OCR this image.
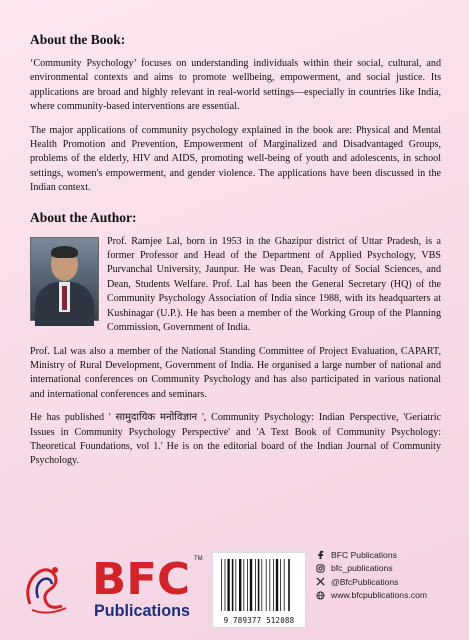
About the Book:

‘Community Psychology’ focuses on understanding individuals within their social, cultural, and environmental contexts and aims to promote wellbeing, empowerment, and social justice. Its applications are broad and highly relevant in real-world settings—especially in countries like India, where community-based interventions are essential.

The major applications of community psychology explained in the book are: Physical and Mental Health Promotion and Prevention, Empowerment of Marginalized and Disadvantaged Groups, problems of the elderly, HIV and AIDS, promoting well-being of youth and adolescents, in school settings, women's empowerment, and gender violence. The applications have been discussed in the Indian context.

About the Author:

Prof. Ramjee Lal, born in 1953 in the Ghazipur district of Uttar Pradesh, is a former Professor and Head of the Department of Applied Psychology, VBS Purvanchal University, Jaunpur. He was Dean, Faculty of Social Sciences, and Dean, Students Welfare. Prof. Lal has been the General Secretary (HQ) of the Community Psychology Association of India since 1988, with its headquarters at Kushinagar (U.P.). He has been a member of the Working Group of the Planning Commission, Government of India.

Prof. Lal was also a member of the National Standing Committee of Project Evaluation, CAPART, Ministry of Rural Development, Government of India. He organised a large number of national and international conferences on Community Psychology and has also participated in various national and international conferences and seminars.

He has published ' सामुदायिक मनोविज्ञान ', Community Psychology: Indian Perspective, 'Geriatric Issues in Community Psychology Perspective' and 'A Text Book of Community Psychology: Theoretical Foundations, vol 1.' He is on the editorial board of the Indian Journal of Community Psychology.

BFC TM
Publications
9 789377 512088
BFC Publications
bfc_publications
@BfcPublications
www.bfcpublications.com
